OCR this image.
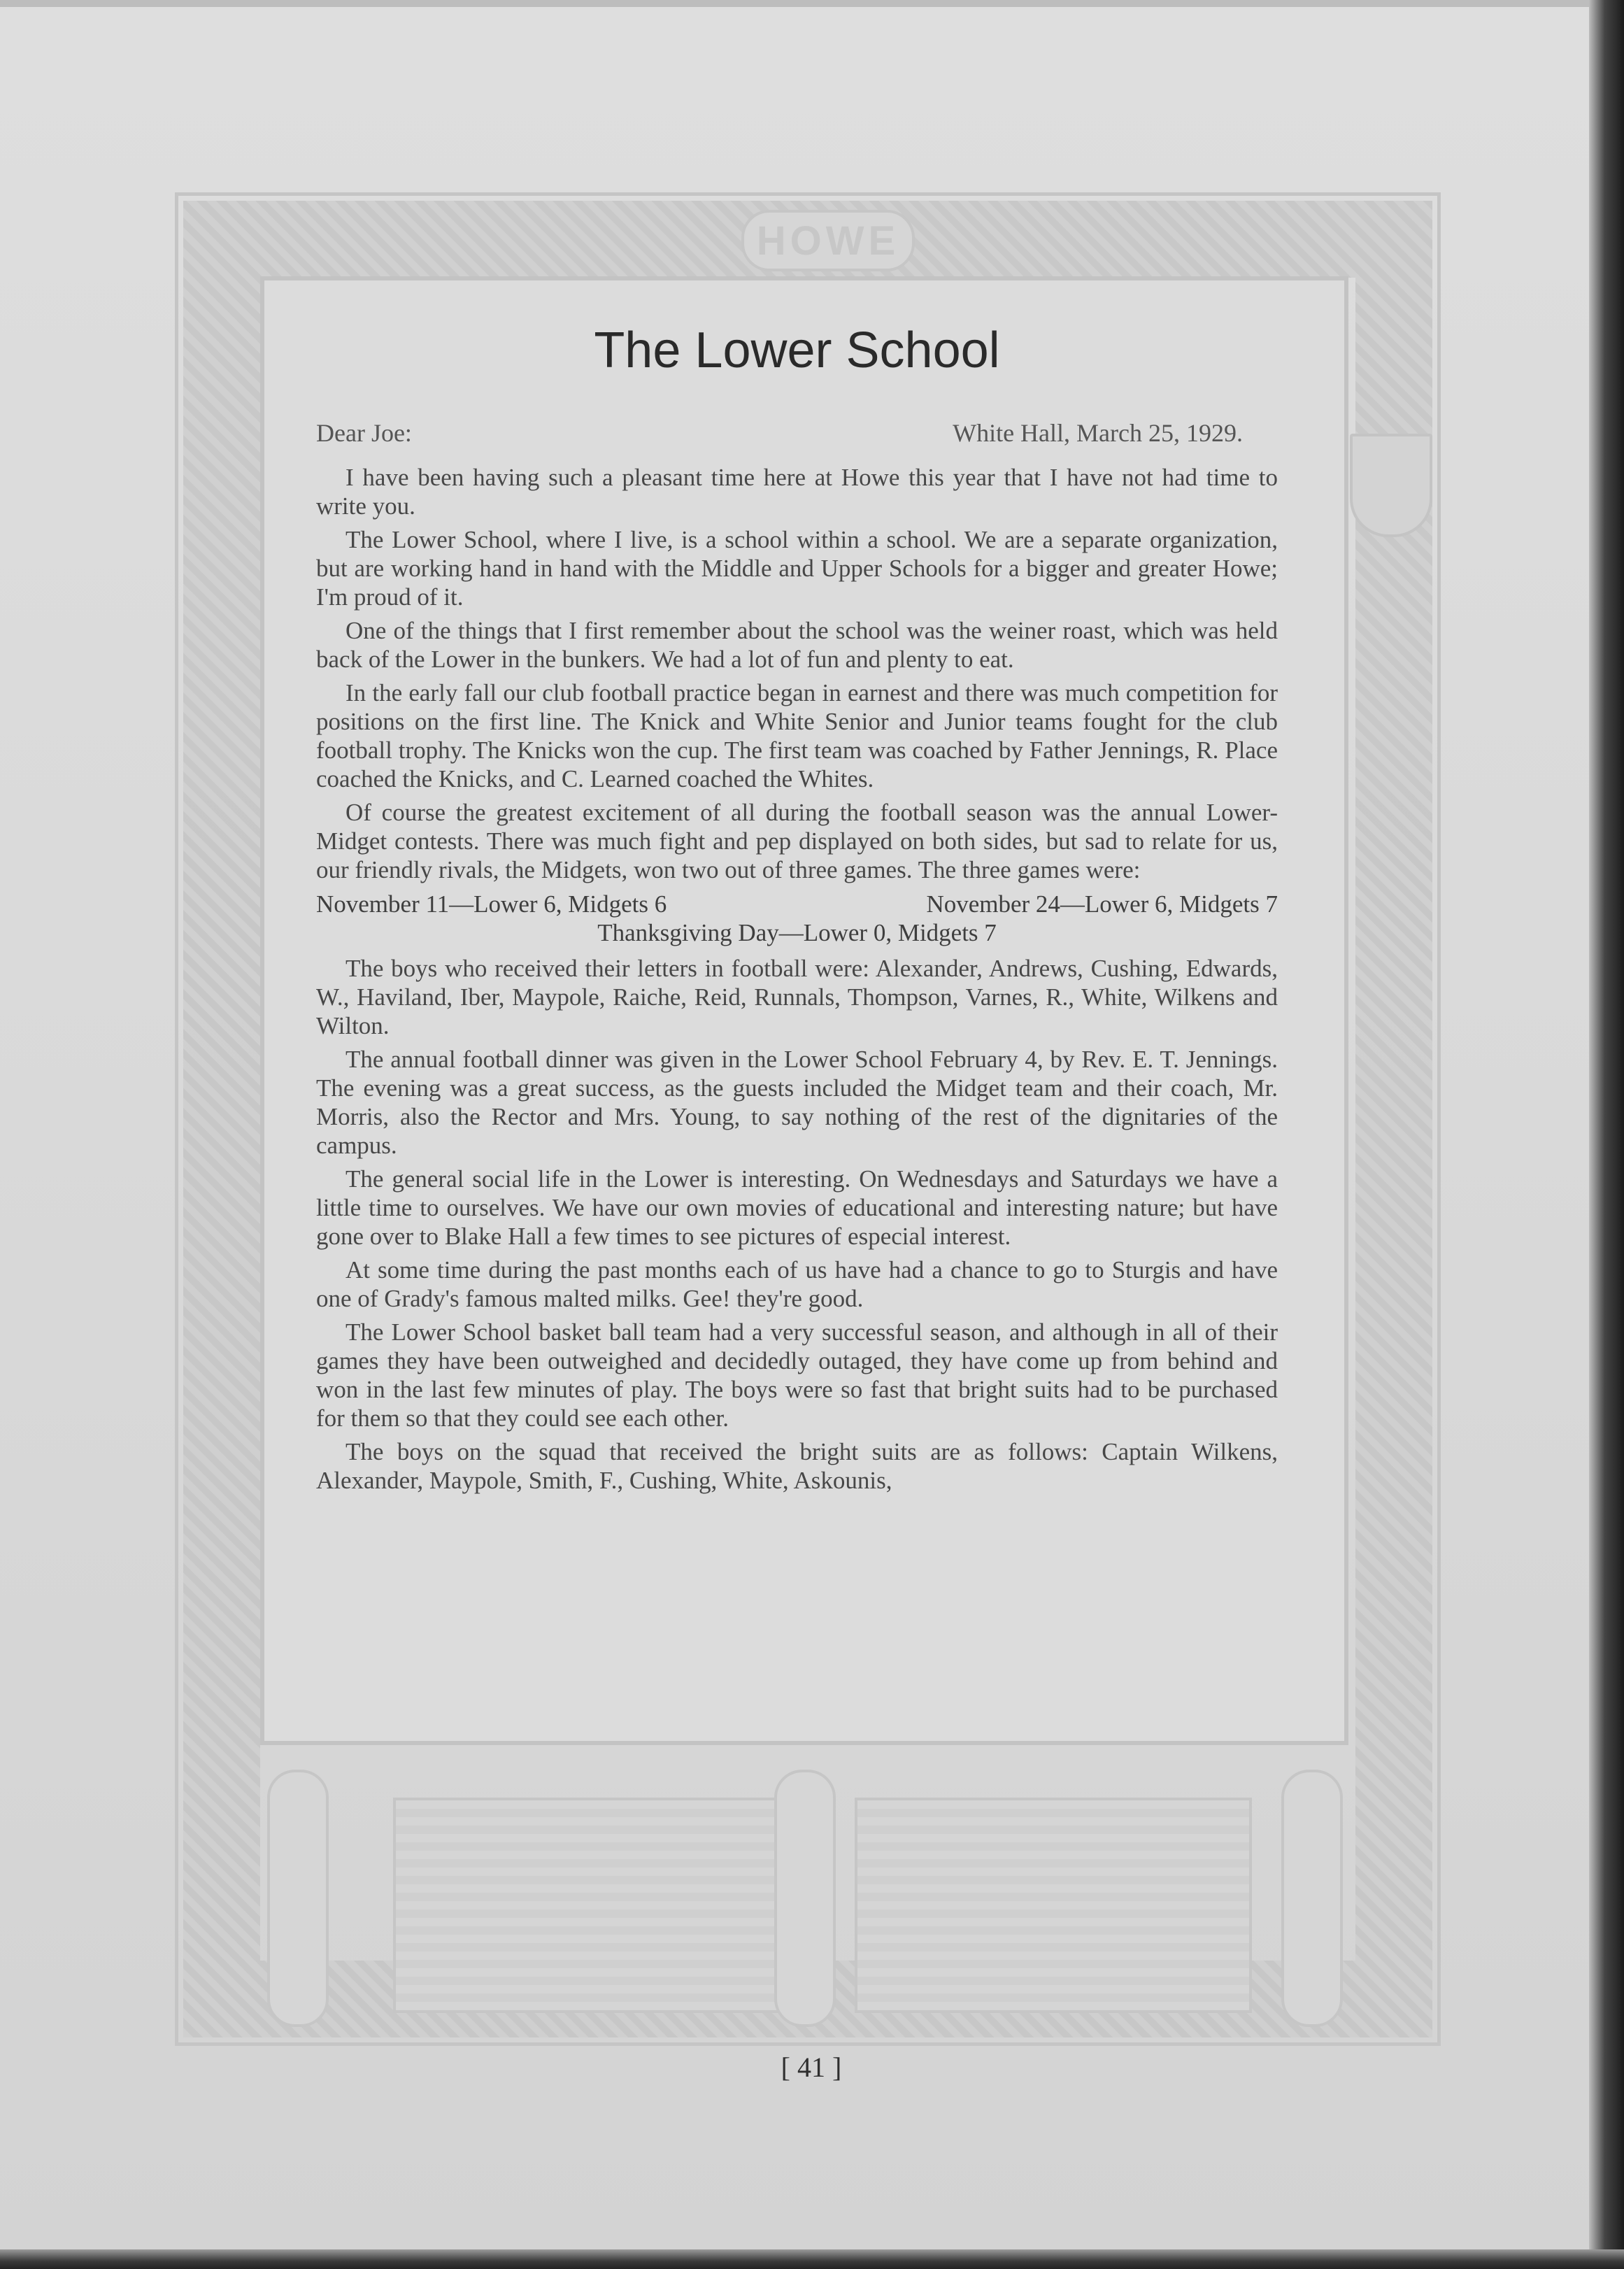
HOWE
The Lower School
Dear Joe:	White Hall, March 25, 1929.

I have been having such a pleasant time here at Howe this year that I have not had time to write you.

The Lower School, where I live, is a school within a school. We are a separate organization, but are working hand in hand with the Middle and Upper Schools for a bigger and greater Howe; I'm proud of it.

One of the things that I first remember about the school was the weiner roast, which was held back of the Lower in the bunkers. We had a lot of fun and plenty to eat.

In the early fall our club football practice began in earnest and there was much competition for positions on the first line. The Knick and White Senior and Junior teams fought for the club football trophy. The Knicks won the cup. The first team was coached by Father Jennings, R. Place coached the Knicks, and C. Learned coached the Whites.

Of course the greatest excitement of all during the football season was the annual Lower-Midget contests. There was much fight and pep displayed on both sides, but sad to relate for us, our friendly rivals, the Midgets, won two out of three games. The three games were:

November 11—Lower 6, Midgets 6	November 24—Lower 6, Midgets 7
Thanksgiving Day—Lower 0, Midgets 7

The boys who received their letters in football were: Alexander, Andrews, Cushing, Edwards, W., Haviland, Iber, Maypole, Raiche, Reid, Runnals, Thompson, Varnes, R., White, Wilkens and Wilton.

The annual football dinner was given in the Lower School February 4, by Rev. E. T. Jennings. The evening was a great success, as the guests included the Midget team and their coach, Mr. Morris, also the Rector and Mrs. Young, to say nothing of the rest of the dignitaries of the campus.

The general social life in the Lower is interesting. On Wednesdays and Saturdays we have a little time to ourselves. We have our own movies of educational and interesting nature; but have gone over to Blake Hall a few times to see pictures of especial interest.

At some time during the past months each of us have had a chance to go to Sturgis and have one of Grady's famous malted milks. Gee! they're good.

The Lower School basket ball team had a very successful season, and although in all of their games they have been outweighed and decidedly outaged, they have come up from behind and won in the last few minutes of play. The boys were so fast that bright suits had to be purchased for them so that they could see each other.

The boys on the squad that received the bright suits are as follows: Captain Wilkens, Alexander, Maypole, Smith, F., Cushing, White, Askounis,

[ 41 ]
